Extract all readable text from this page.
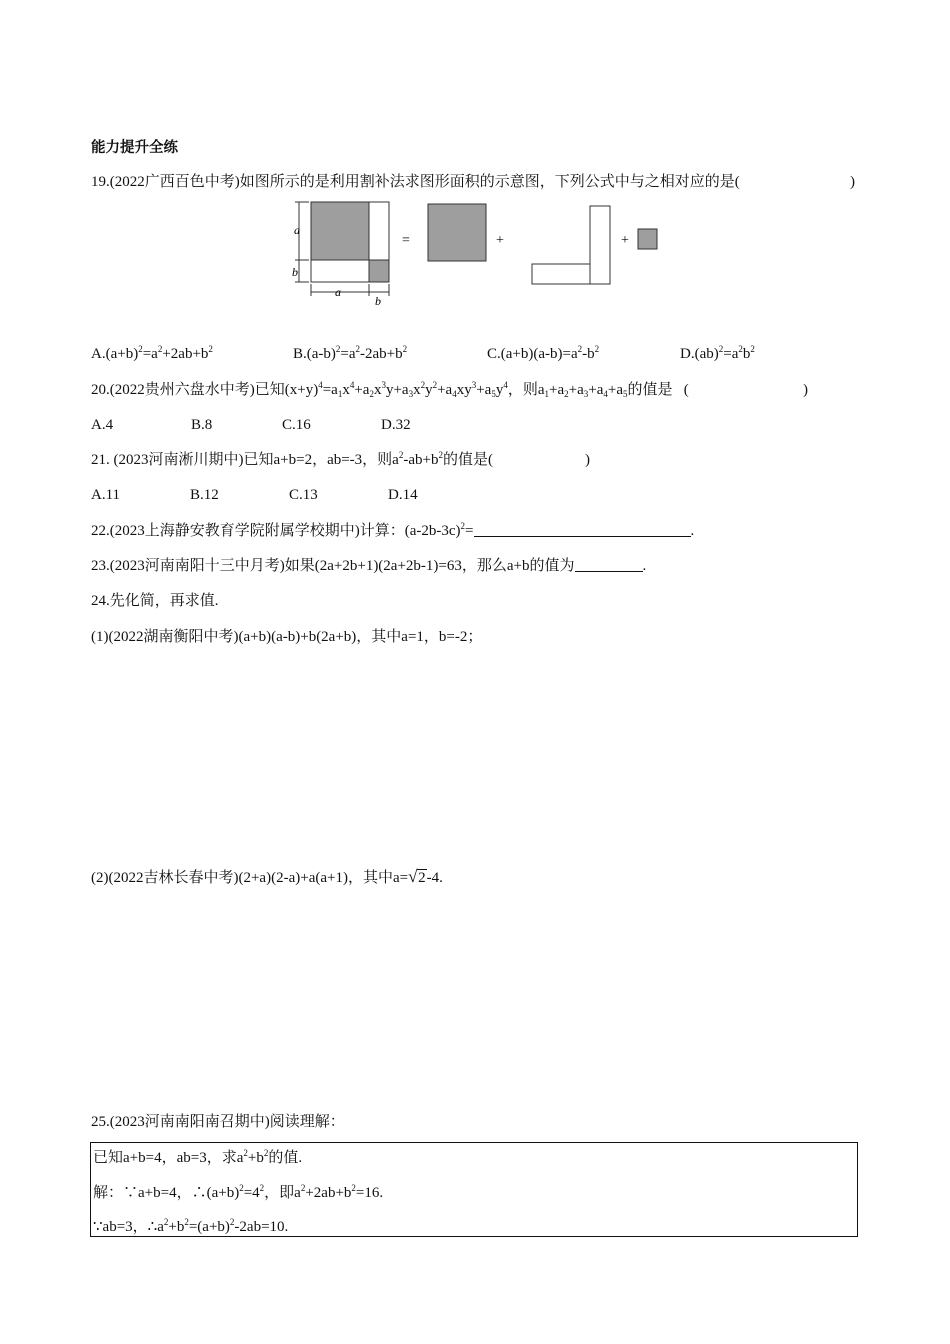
能力提升全练
19.(2022广西百色中考)如图所示的是利用割补法求图形面积的示意图，下列公式中与之相对应的是(	)
a
b
a
b
=	+	+
$A.(a+b)^2=a^2+2ab+b^2$	$B.(a-b)^2=a^2-2ab+b^2$	$C.(a+b)(a-b)=a^2-b^2$	$D.(ab)^2=a^2b^2$
20.(2022贵州六盘水中考)已知$(x+y)^4=a_1x^4+a_2x^3y+a_3x^2y^2+a_4xy^3+a_5y^4$，则$a_1+a_2+a_3+a_4+a_5$的值是   (	)
A.4	B.8	C.16	D.32
21. (2023河南淅川期中)已知a+b=2，ab=-3，则$a^2-ab+b^2$的值是(	)
A.11	B.12	C.13	D.14
22.(2023上海静安教育学院附属学校期中)计算：$(a-2b-3c)^2=$	.
23.(2023河南南阳十三中月考)如果(2a+2b+1)(2a+2b-1)=63，那么a+b的值为	.
24.先化简，再求值.
(1)(2022湖南衡阳中考)(a+b)(a-b)+b(2a+b)，其中a=1，b=-2；
(2)(2022吉林长春中考)(2+a)(2-a)+a(a+1)，其中a= √ 2-4.
25.(2023河南南阳南召期中)阅读理解：
已知a+b=4，ab=3，求$a^2+b^2$的值.
解：∵a+b=4，$\therefore(a+b)^2=4^2$，即$a^2+2ab+b^2=16$.
∵ab=3，$\therefore a^2+b^2=(a+b)^2-2ab=10$.
